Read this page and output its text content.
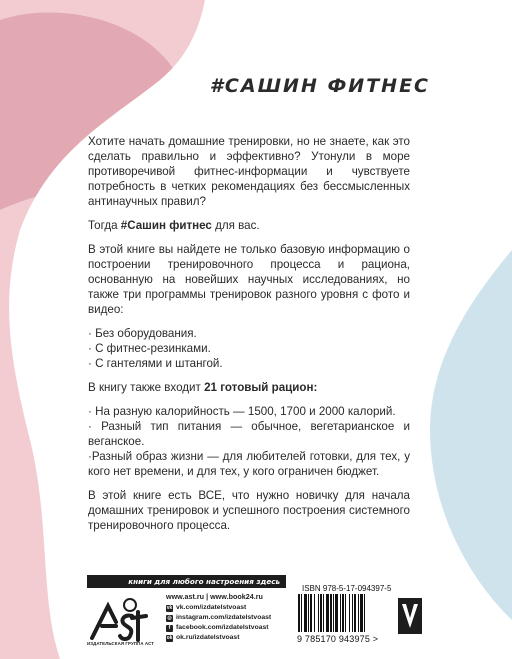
#САШИН ФИТНЕС

Хотите начать домашние тренировки, но не знаете, как это сделать правильно и эффективно? Утонули в море противоречивой фитнес-информации и чувствуете потребность в четких рекомендациях без бессмысленных антинаучных правил?

Тогда #Сашин фитнес для вас.

В этой книге вы найдете не только базовую информацию о построении тренировочного процесса и рациона, основанную на новейших научных исследованиях, но также три программы тренировок разного уровня с фото и видео:

· Без оборудования.
· С фитнес-резинками.
· С гантелями и штангой.

В книгу также входит 21 готовый рацион:

· На разную калорийность — 1500, 1700 и 2000 калорий.
· Разный тип питания — обычное, вегетарианское и веганское.
·Разный образ жизни — для любителей готовки, для тех, у кого нет времени, и для тех, у кого ограничен бюджет.

В этой книге есть ВСЕ, что нужно новичку для начала домашних тренировок и успешного построения системного тренировочного процесса.

книги для любого настроения здесь
ИЗДАТЕЛЬСКАЯ ГРУППА АСТ
www.ast.ru | www.book24.ru
vk vk.com/izdatelstvoast
◎ instagram.com/izdatelstvoast
f facebook.com/izdatelstvoast
ok ok.ru/izdatelstvoast
ISBN 978-5-17-094397-5
9 785170 943975 >
